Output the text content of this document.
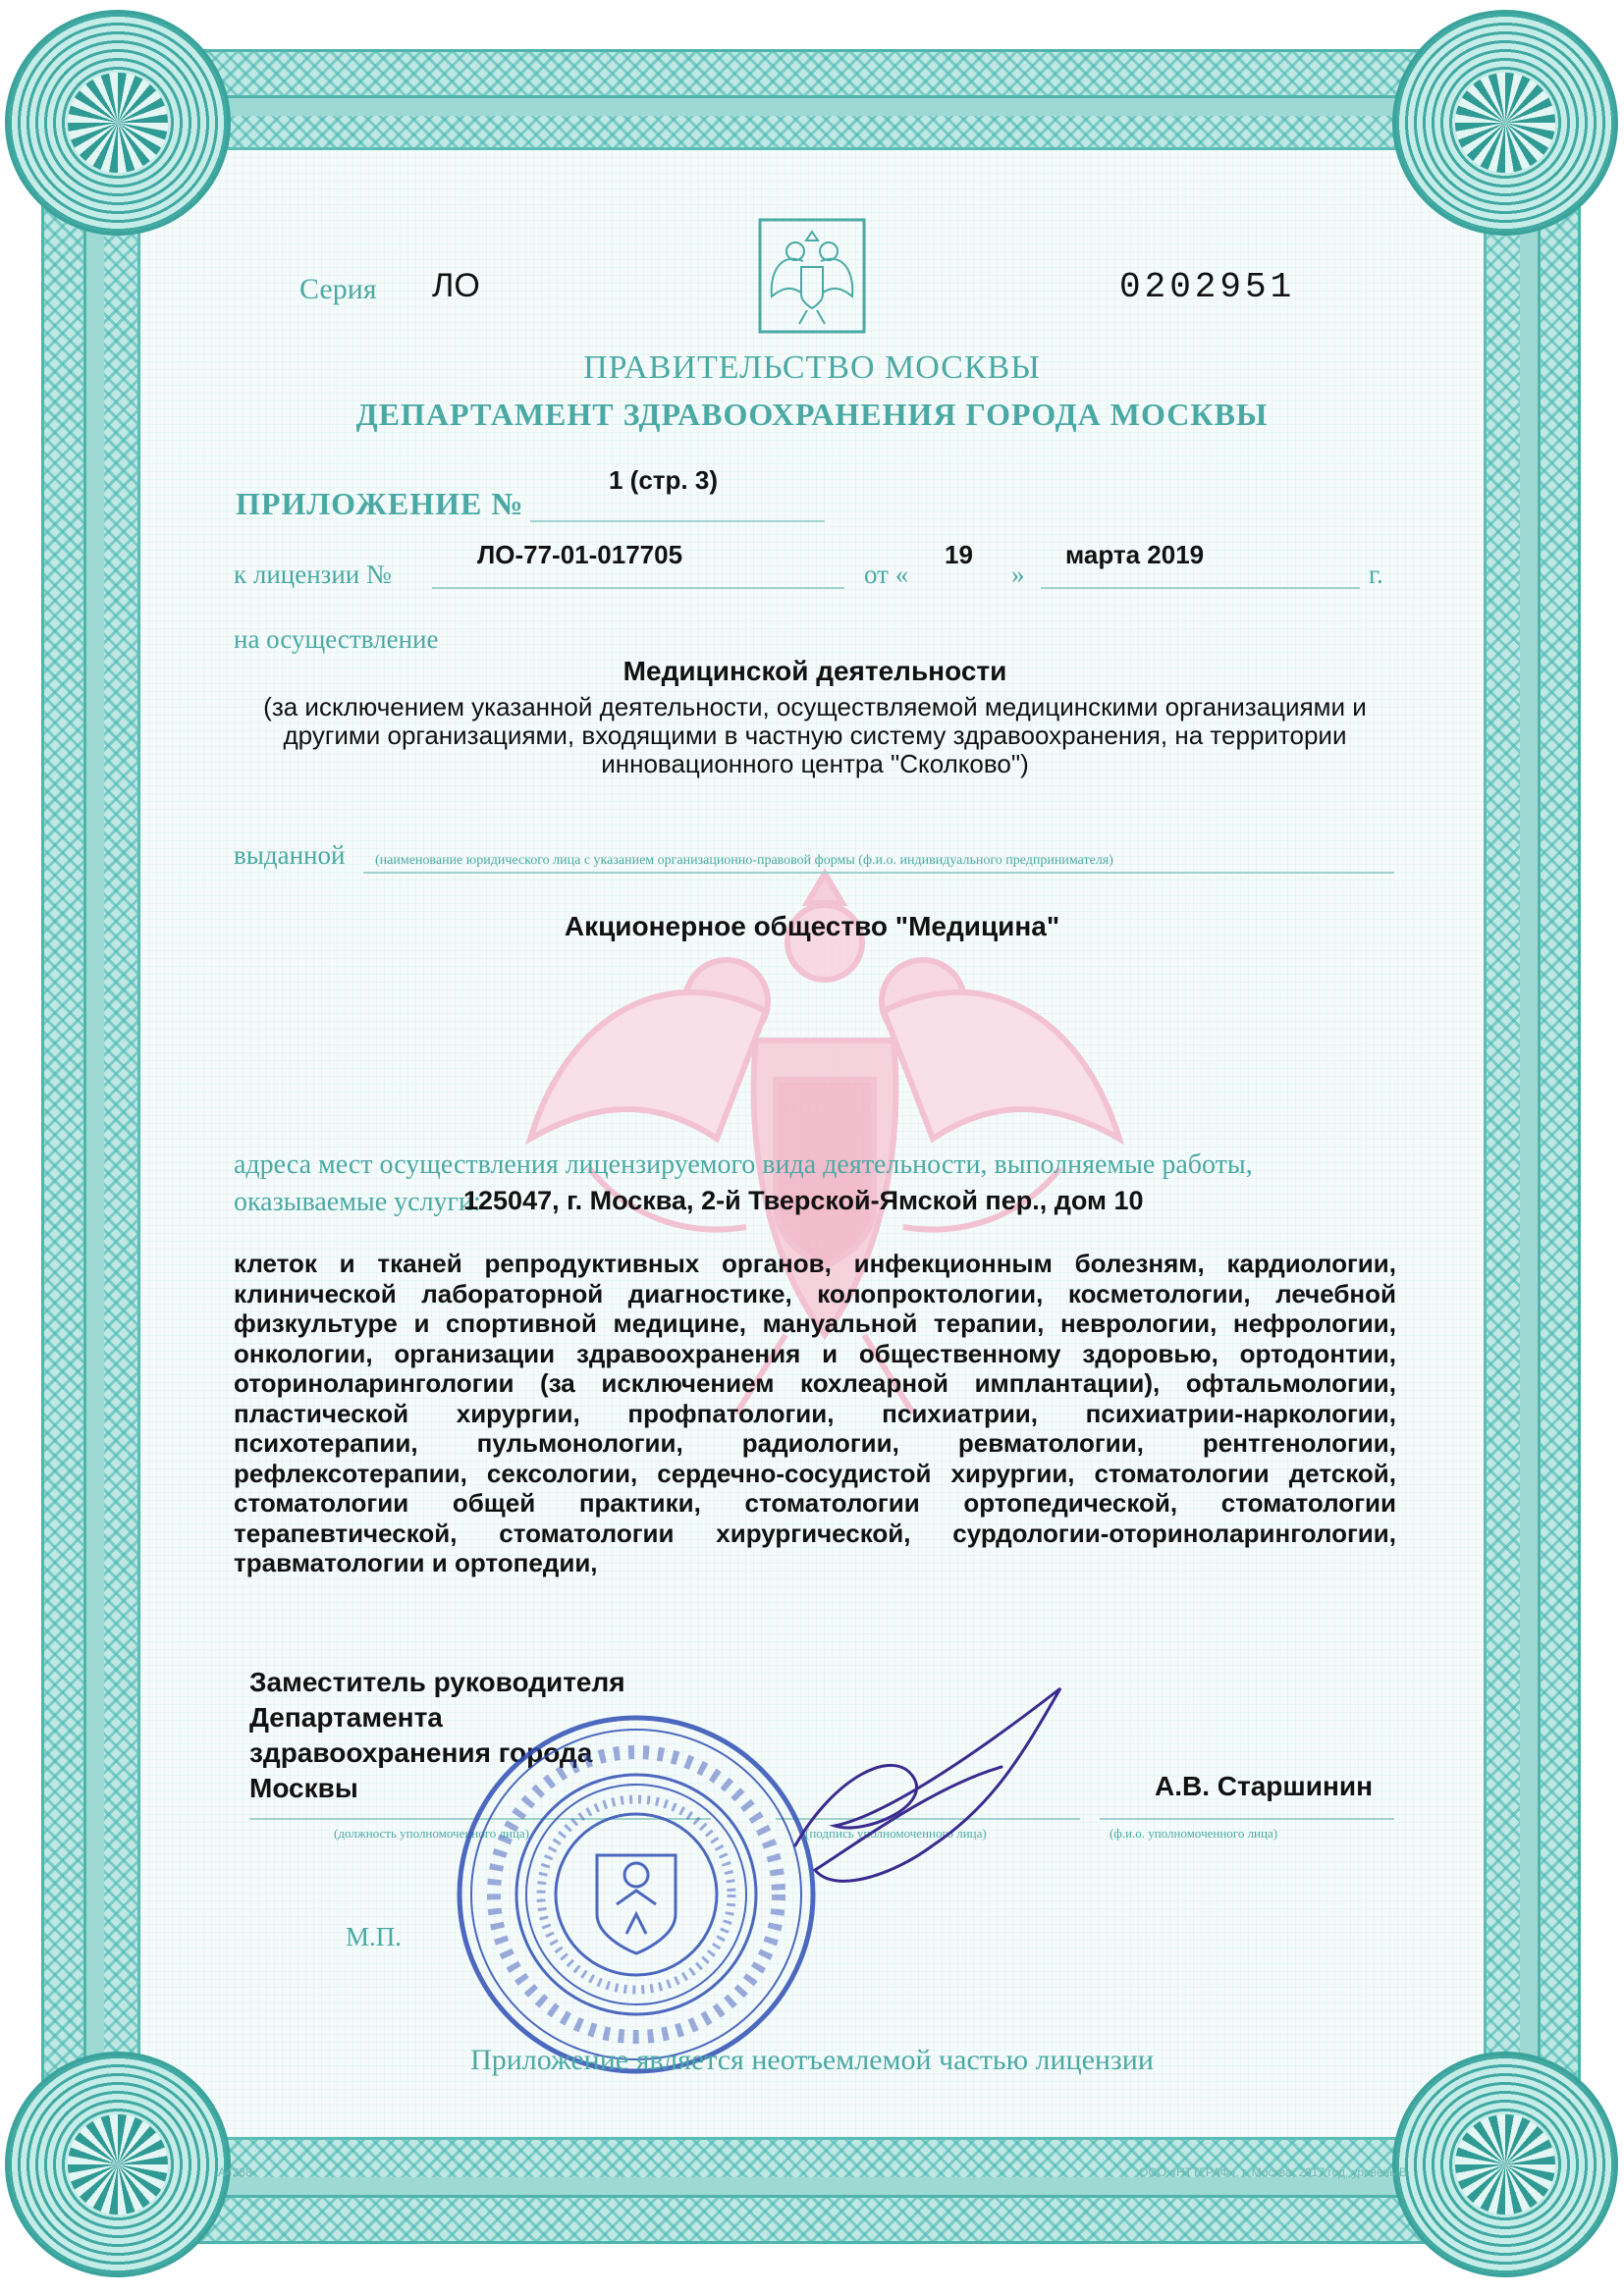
Серия ЛО	0202951
ПРАВИТЕЛЬСТВО МОСКВЫ
ДЕПАРТАМЕНТ ЗДРАВООХРАНЕНИЯ ГОРОДА МОСКВЫ
ПРИЛОЖЕНИЕ №
1 (стр. 3)
к лицензии №
ЛО-77-01-017705
от «
19
»
марта 2019
г.
на осуществление
Медицинской деятельности
(за исключением указанной деятельности, осуществляемой медицинскими организациями и другими организациями, входящими в частную систему здравоохранения, на территории инновационного центра "Сколково")
выданной (наименование юридического лица с указанием организационно-правовой формы (ф.и.о. индивидуального предпринимателя)
Акционерное общество "Медицина"
адреса мест осуществления лицензируемого вида деятельности, выполняемые работы, оказываемые услуги:
125047, г. Москва, 2-й Тверской-Ямской пер., дом 10
клеток и тканей репродуктивных органов, инфекционным болезням, кардиологии, клинической лабораторной диагностике, колопроктологии, косметологии, лечебной физкультуре и спортивной медицине, мануальной терапии, неврологии, нефрологии, онкологии, организации здравоохранения и общественному здоровью, ортодонтии, оториноларингологии (за исключением кохлеарной имплантации), офтальмологии, пластической хирургии, профпатологии, психиатрии, психиатрии-наркологии, психотерапии, пульмонологии, радиологии, ревматологии, рентгенологии, рефлексотерапии, сексологии, сердечно-сосудистой хирургии, стоматологии детской, стоматологии общей практики, стоматологии ортопедической, стоматологии терапевтической, стоматологии хирургической, сурдологии-оториноларингологии, травматологии и ортопедии,
Заместитель руководителя Департамента здравоохранения города Москвы	А.В. Старшинин
(должность уполномоченного лица)	(подпись уполномоченного лица)	(ф.и.о. уполномоченного лица)
М.П.
Приложение является неотъемлемой частью лицензии
A4238	ООО «НТТГРАФ», г. Москва, 2017 год, уровень В
